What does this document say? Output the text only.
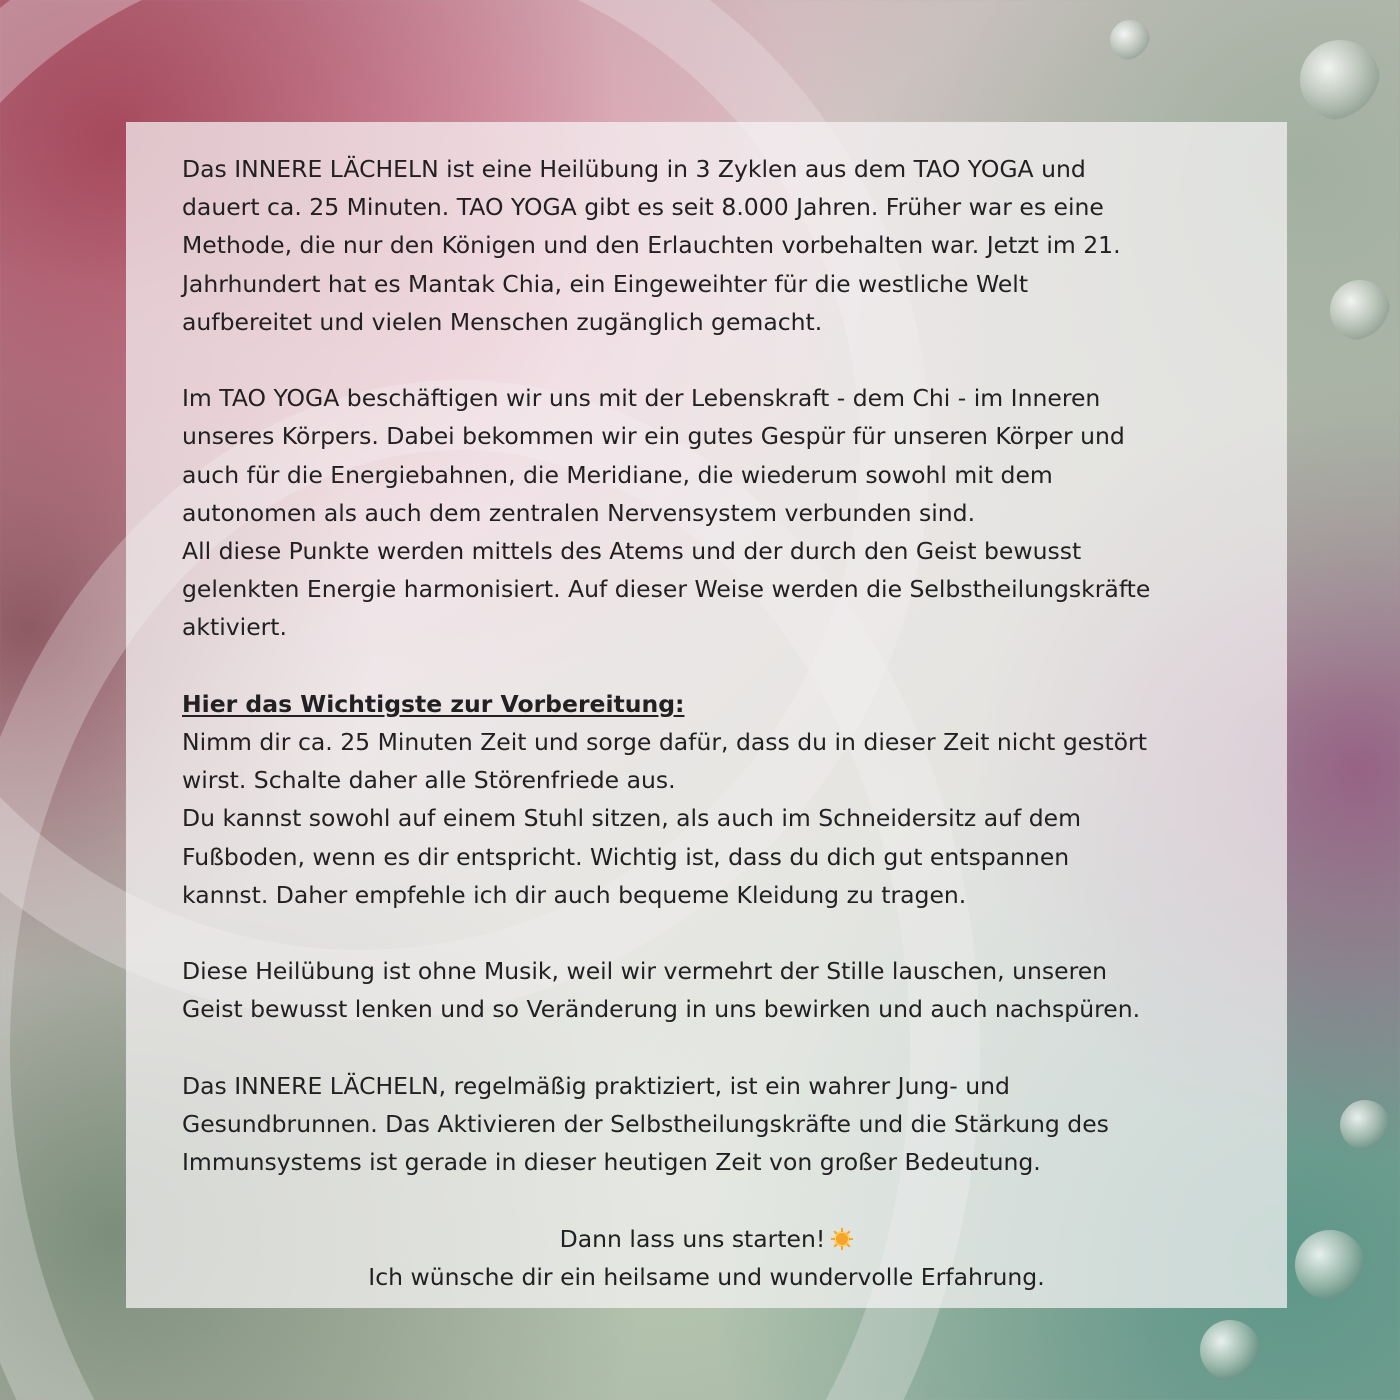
Das INNERE LÄCHELN ist eine Heilübung in 3 Zyklen aus dem TAO YOGA und
dauert ca. 25 Minuten. TAO YOGA gibt es seit 8.000 Jahren. Früher war es eine
Methode, die nur den Königen und den Erlauchten vorbehalten war. Jetzt im 21.
Jahrhundert hat es Mantak Chia, ein Eingeweihter für die westliche Welt
aufbereitet und vielen Menschen zugänglich gemacht.
Im TAO YOGA beschäftigen wir uns mit der Lebenskraft - dem Chi - im Inneren
unseres Körpers. Dabei bekommen wir ein gutes Gespür für unseren Körper und
auch für die Energiebahnen, die Meridiane, die wiederum sowohl mit dem
autonomen als auch dem zentralen Nervensystem verbunden sind.
All diese Punkte werden mittels des Atems und der durch den Geist bewusst
gelenkten Energie harmonisiert. Auf dieser Weise werden die Selbstheilungskräfte
aktiviert.
Hier das Wichtigste zur Vorbereitung:
Nimm dir ca. 25 Minuten Zeit und sorge dafür, dass du in dieser Zeit nicht gestört
wirst. Schalte daher alle Störenfriede aus.
Du kannst sowohl auf einem Stuhl sitzen, als auch im Schneidersitz auf dem
Fußboden, wenn es dir entspricht. Wichtig ist, dass du dich gut entspannen
kannst. Daher empfehle ich dir auch bequeme Kleidung zu tragen.
Diese Heilübung ist ohne Musik, weil wir vermehrt der Stille lauschen, unseren
Geist bewusst lenken und so Veränderung in uns bewirken und auch nachspüren.
Das INNERE LÄCHELN, regelmäßig praktiziert, ist ein wahrer Jung- und
Gesundbrunnen. Das Aktivieren der Selbstheilungskräfte und die Stärkung des
Immunsystems ist gerade in dieser heutigen Zeit von großer Bedeutung.
Dann lass uns starten!
Ich wünsche dir ein heilsame und wundervolle Erfahrung.
